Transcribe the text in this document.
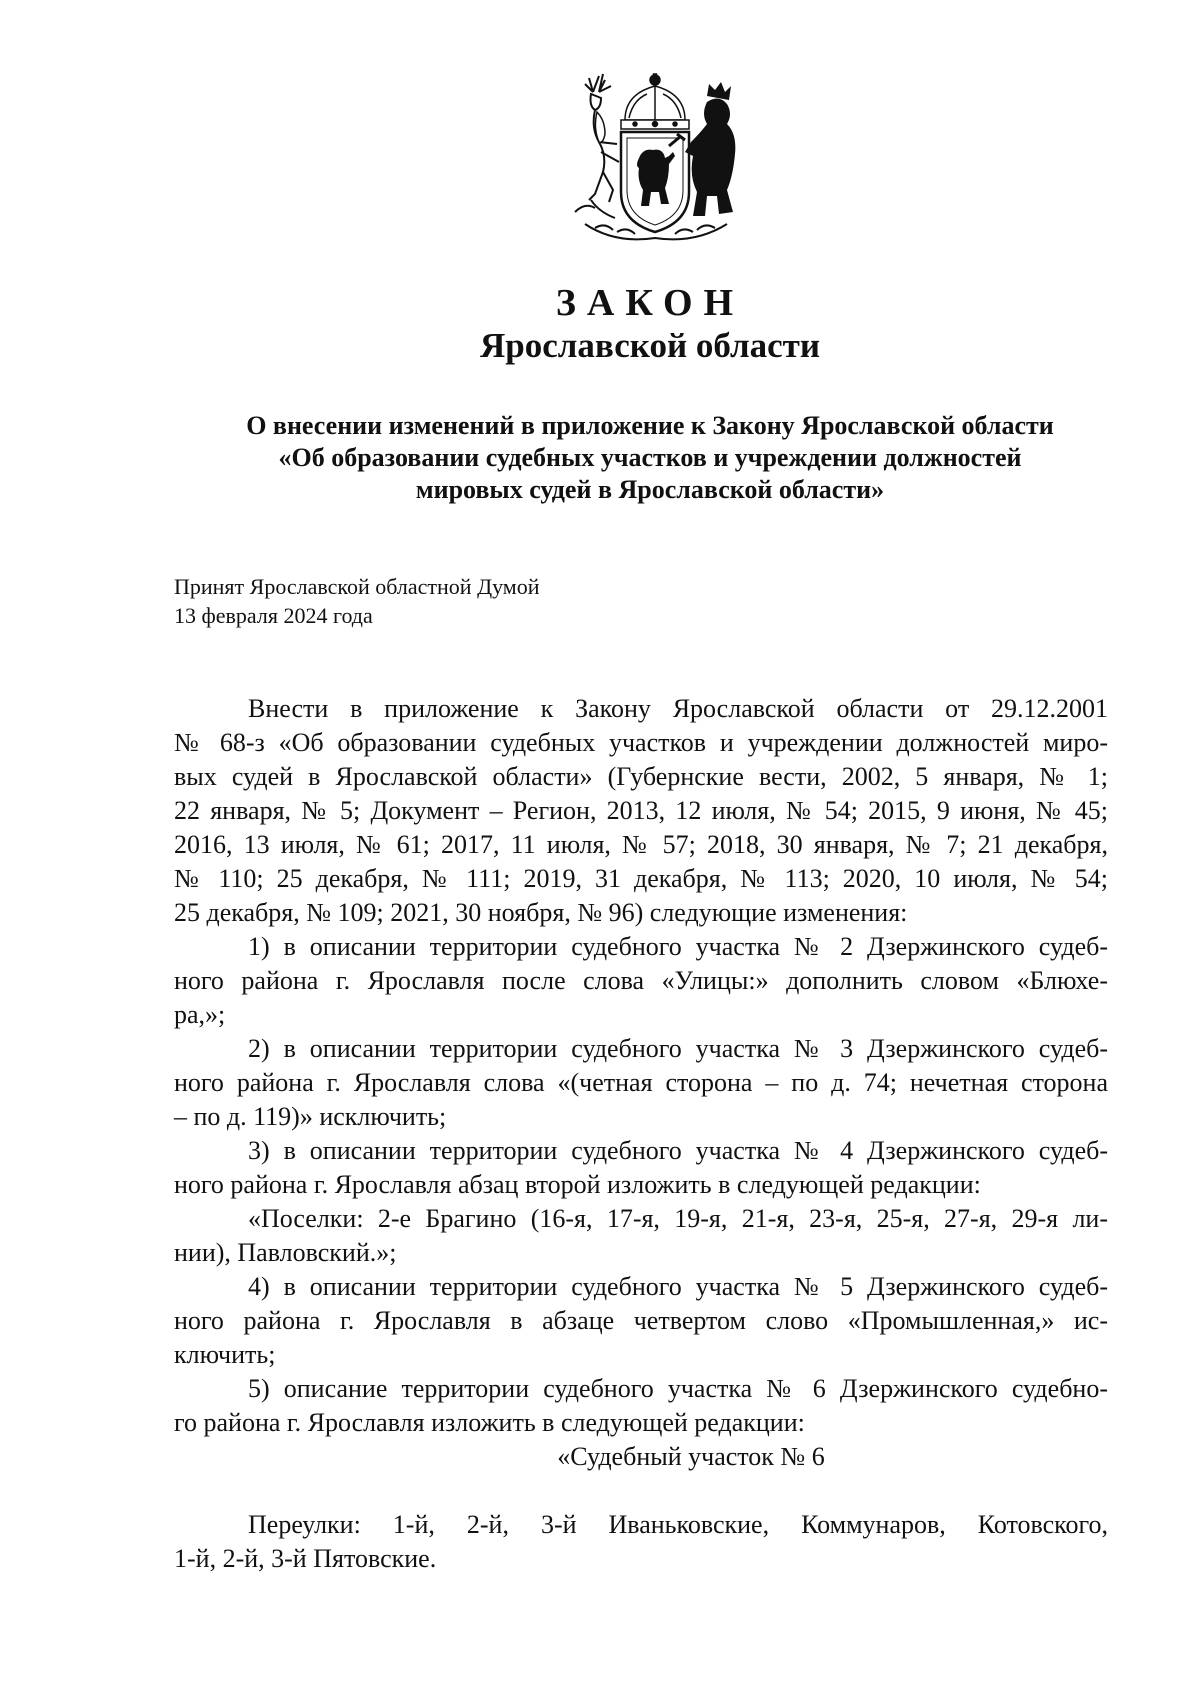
ЗАКОН

Ярославской области

О внесении изменений в приложение к Закону Ярославской области
«Об образовании судебных участков и учреждении должностей
мировых судей в Ярославской области»
Принят Ярославской областной Думой
13 февраля 2024 года
Внести в приложение к Закону Ярославской области от 29.12.2001
№ 68-з «Об образовании судебных участков и учреждении должностей миро-
вых судей в Ярославской области» (Губернские вести, 2002, 5 января, № 1;
22 января, № 5; Документ – Регион, 2013, 12 июля, № 54; 2015, 9 июня, № 45;
2016, 13 июля, № 61; 2017, 11 июля, № 57; 2018, 30 января, № 7; 21 декабря,
№ 110; 25 декабря, № 111; 2019, 31 декабря, № 113; 2020, 10 июля, № 54;
25 декабря, № 109; 2021, 30 ноября, № 96) следующие изменения:
1) в описании территории судебного участка № 2 Дзержинского судеб-
ного района г. Ярославля после слова «Улицы:» дополнить словом «Блюхе-
ра,»;
2) в описании территории судебного участка № 3 Дзержинского судеб-
ного района г. Ярославля слова «(четная сторона – по д. 74; нечетная сторона
– по д. 119)» исключить;
3) в описании территории судебного участка № 4 Дзержинского судеб-
ного района г. Ярославля абзац второй изложить в следующей редакции:
«Поселки: 2-е Брагино (16-я, 17-я, 19-я, 21-я, 23-я, 25-я, 27-я, 29-я ли-
нии), Павловский.»;
4) в описании территории судебного участка № 5 Дзержинского судеб-
ного района г. Ярославля в абзаце четвертом слово «Промышленная,» ис-
ключить;
5) описание территории судебного участка № 6 Дзержинского судебно-
го района г. Ярославля изложить в следующей редакции:
«Судебный участок № 6
Переулки: 1-й, 2-й, 3-й Иваньковские, Коммунаров, Котовского,
1-й, 2-й, 3-й Пятовские.
